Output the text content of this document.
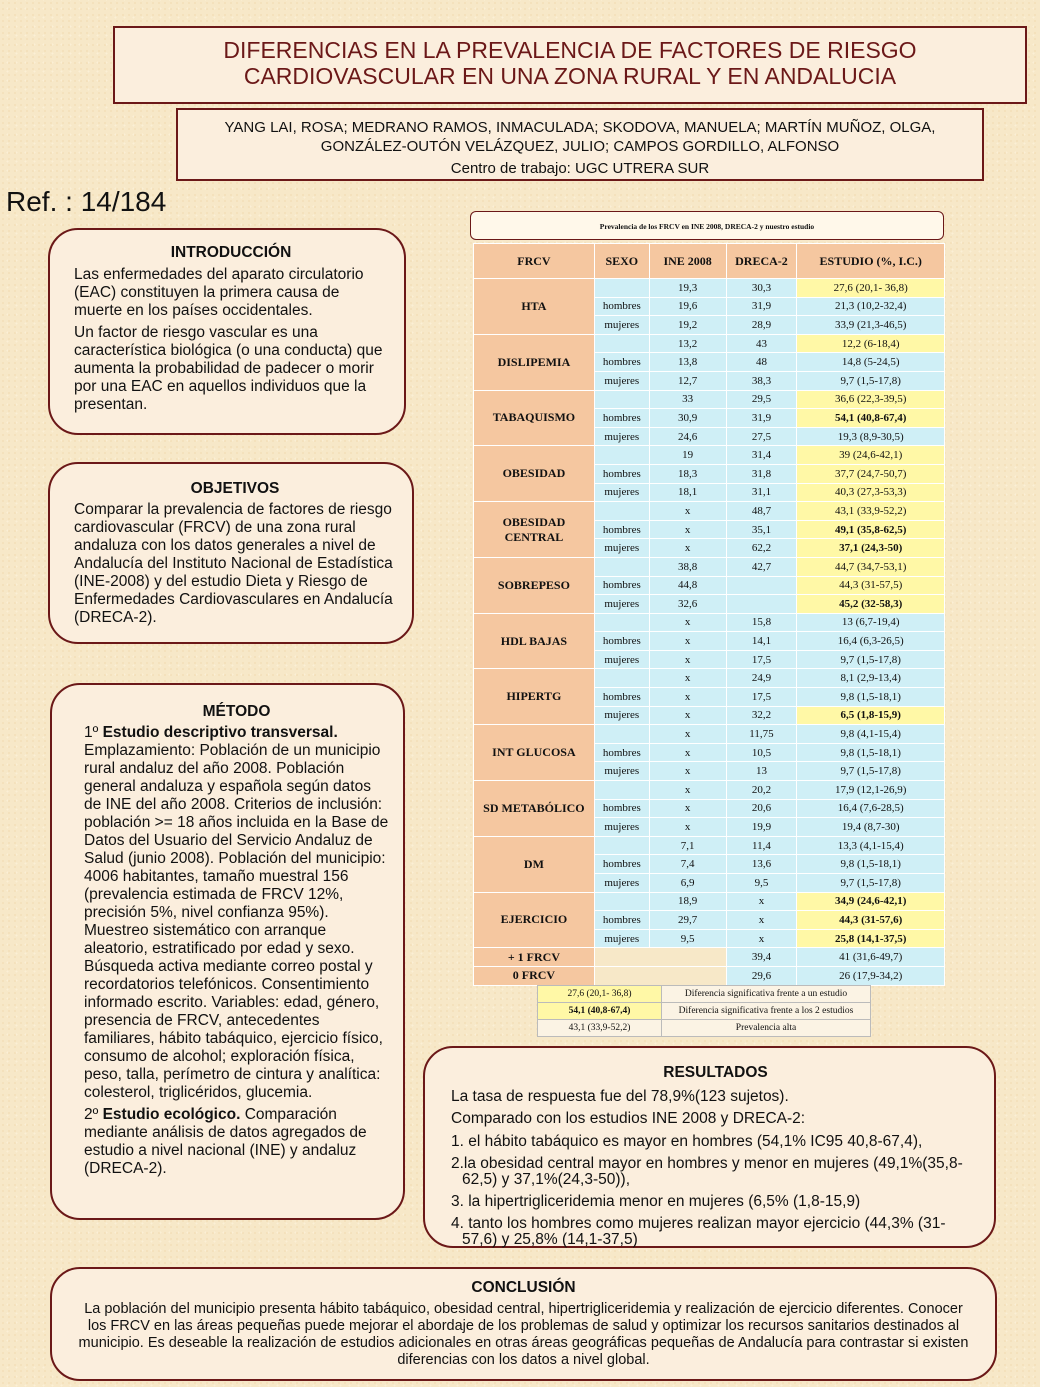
DIFERENCIAS EN LA PREVALENCIA DE FACTORES DE RIESGO
CARDIOVASCULAR EN UNA ZONA RURAL Y EN ANDALUCIA
YANG LAI, ROSA; MEDRANO RAMOS, INMACULADA; SKODOVA, MANUELA; MARTÍN MUÑOZ, OLGA,
GONZÁLEZ-OUTÓN VELÁZQUEZ, JULIO; CAMPOS GORDILLO, ALFONSO
Centro de trabajo: UGC UTRERA SUR
Ref. : 14/184
INTRODUCCIÓN

Las enfermedades del aparato circulatorio (EAC) constituyen la primera causa de muerte en los países occidentales.

Un factor de riesgo vascular es una característica biológica (o una conducta) que aumenta la probabilidad de padecer o morir por una EAC en aquellos individuos que la presentan.

OBJETIVOS

Comparar la prevalencia de factores de riesgo cardiovascular (FRCV) de una zona rural andaluza con los datos generales a nivel de Andalucía del Instituto Nacional de Estadística (INE-2008) y del estudio Dieta y Riesgo de Enfermedades Cardiovasculares en Andalucía (DRECA-2).

MÉTODO

1º Estudio descriptivo transversal.

Emplazamiento: Población de un municipio rural andaluz del año 2008. Población general andaluza y española según datos de INE del año 2008. Criterios de inclusión: población >= 18 años incluida en la Base de Datos del Usuario del Servicio Andaluz de Salud (junio 2008). Población del municipio: 4006 habitantes, tamaño muestral 156 (prevalencia estimada de FRCV 12%, precisión 5%, nivel confianza 95%). Muestreo sistemático con arranque aleatorio, estratificado por edad y sexo. Búsqueda activa mediante correo postal y recordatorios telefónicos. Consentimiento informado escrito. Variables: edad, género, presencia de FRCV, antecedentes familiares, hábito tabáquico, ejercicio físico, consumo de alcohol; exploración física, peso, talla, perímetro de cintura y analítica: colesterol, triglicéridos, glucemia.

2º Estudio ecológico. Comparación mediante análisis de datos agregados de estudio a nivel nacional (INE) y andaluz (DRECA-2).

Prevalencia de los FRCV en INE 2008, DRECA-2 y nuestro estudio
FRCV	SEXO	INE 2008	DRECA-2	ESTUDIO (%, I.C.)
HTA		19,3	30,3	27,6 (20,1- 36,8)
	hombres	19,6	31,9	21,3 (10,2-32,4)
	mujeres	19,2	28,9	33,9 (21,3-46,5)
DISLIPEMIA		13,2	43	12,2 (6-18,4)
	hombres	13,8	48	14,8 (5-24,5)
	mujeres	12,7	38,3	9,7 (1,5-17,8)
TABAQUISMO		33	29,5	36,6 (22,3-39,5)
	hombres	30,9	31,9	54,1 (40,8-67,4)
	mujeres	24,6	27,5	19,3 (8,9-30,5)
OBESIDAD		19	31,4	39 (24,6-42,1)
	hombres	18,3	31,8	37,7 (24,7-50,7)
	mujeres	18,1	31,1	40,3 (27,3-53,3)
OBESIDAD CENTRAL		x	48,7	43,1 (33,9-52,2)
	hombres	x	35,1	49,1 (35,8-62,5)
	mujeres	x	62,2	37,1 (24,3-50)
SOBREPESO		38,8	42,7	44,7 (34,7-53,1)
	hombres	44,8		44,3 (31-57,5)
	mujeres	32,6		45,2 (32-58,3)
HDL BAJAS		x	15,8	13 (6,7-19,4)
	hombres	x	14,1	16,4 (6,3-26,5)
	mujeres	x	17,5	9,7 (1,5-17,8)
HIPERTG		x	24,9	8,1 (2,9-13,4)
	hombres	x	17,5	9,8 (1,5-18,1)
	mujeres	x	32,2	6,5 (1,8-15,9)
INT GLUCOSA		x	11,75	9,8 (4,1-15,4)
	hombres	x	10,5	9,8 (1,5-18,1)
	mujeres	x	13	9,7 (1,5-17,8)
SD METABÓLICO		x	20,2	17,9 (12,1-26,9)
	hombres	x	20,6	16,4 (7,6-28,5)
	mujeres	x	19,9	19,4 (8,7-30)
DM		7,1	11,4	13,3 (4,1-15,4)
	hombres	7,4	13,6	9,8 (1,5-18,1)
	mujeres	6,9	9,5	9,7 (1,5-17,8)
EJERCICIO		18,9	x	34,9 (24,6-42,1)
	hombres	29,7	x	44,3 (31-57,6)
	mujeres	9,5	x	25,8 (14,1-37,5)
+ 1 FRCV			39,4	41 (31,6-49,7)
0 FRCV			29,6	26 (17,9-34,2)
27,6 (20,1- 36,8)	Diferencia significativa frente a un estudio
54,1 (40,8-67,4)	Diferencia significativa frente a los 2 estudios
43,1 (33,9-52,2)	Prevalencia alta
RESULTADOS

La tasa de respuesta fue del 78,9%(123 sujetos).

Comparado con los estudios INE 2008 y DRECA-2:

1. el hábito tabáquico es mayor en hombres (54,1% IC95 40,8-67,4),

2.la obesidad central mayor en hombres y menor en mujeres (49,1%(35,8-62,5) y 37,1%(24,3-50)),

3. la hipertrigliceridemia menor en mujeres (6,5% (1,8-15,9)

4. tanto los hombres como mujeres realizan mayor ejercicio (44,3% (31-57,6) y 25,8% (14,1-37,5)

CONCLUSIÓN

La población del municipio presenta hábito tabáquico, obesidad central, hipertrigliceridemia y realización de ejercicio diferentes. Conocer los FRCV en las áreas pequeñas puede mejorar el abordaje de los problemas de salud y optimizar los recursos sanitarios destinados al municipio. Es deseable la realización de estudios adicionales en otras áreas geográficas pequeñas de Andalucía para contrastar si existen diferencias con los datos a nivel global.
